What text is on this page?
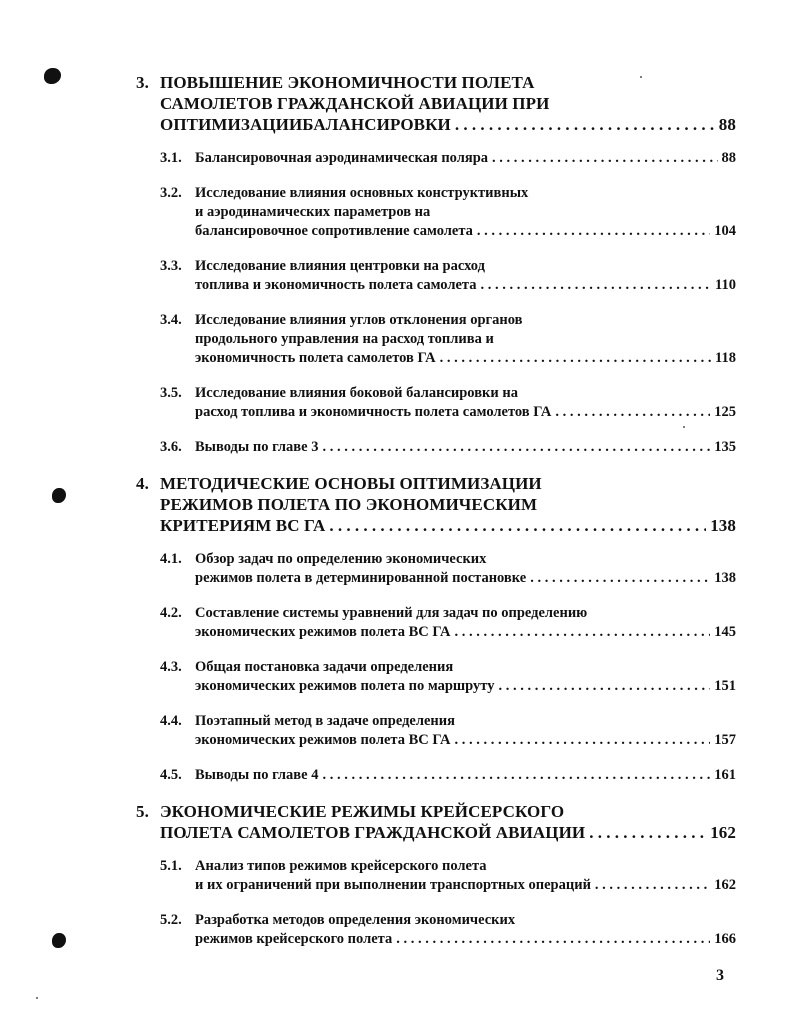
3. ПОВЫШЕНИЕ ЭКОНОМИЧНОСТИ ПОЛЕТА
САМОЛЕТОВ ГРАЖДАНСКОЙ АВИАЦИИ ПРИ
ОПТИМИЗАЦИИБАЛАНСИРОВКИ . . .	88
3.1. Балансировочная аэродинамическая поляра . . .	88
3.2. Исследование влияния основных конструктивных
и аэродинамических параметров на
балансировочное сопротивление самолета . . .	104
3.3. Исследование влияния центровки на расход
топлива и экономичность полета самолета . . .	110
3.4. Исследование влияния углов отклонения органов
продольного управления на расход топлива и
экономичность полета самолетов ГА . . .	118
3.5. Исследование влияния боковой балансировки на
расход топлива и экономичность полета самолетов ГА . . .	125
3.6. Выводы по главе 3 . . .	135
4. МЕТОДИЧЕСКИЕ ОСНОВЫ ОПТИМИЗАЦИИ
РЕЖИМОВ ПОЛЕТА ПО ЭКОНОМИЧЕСКИМ
КРИТЕРИЯМ ВС ГА . . .	138
4.1. Обзор задач по определению экономических
режимов полета в детерминированной постановке . . .	138
4.2. Составление системы уравнений для задач по определению
экономических режимов полета ВС ГА . . .	145
4.3. Общая постановка задачи определения
экономических режимов полета по маршруту . . .	151
4.4. Поэтапный метод в задаче определения
экономических режимов полета ВС ГА . . .	157
4.5. Выводы по главе 4 . . .	161
5. ЭКОНОМИЧЕСКИЕ РЕЖИМЫ КРЕЙСЕРСКОГО
ПОЛЕТА САМОЛЕТОВ ГРАЖДАНСКОЙ АВИАЦИИ . . .	162
5.1. Анализ типов режимов крейсерского полета
и их ограничений при выполнении транспортных операций . . .	162
5.2. Разработка методов определения экономических
режимов крейсерского полета . . .	166
3
